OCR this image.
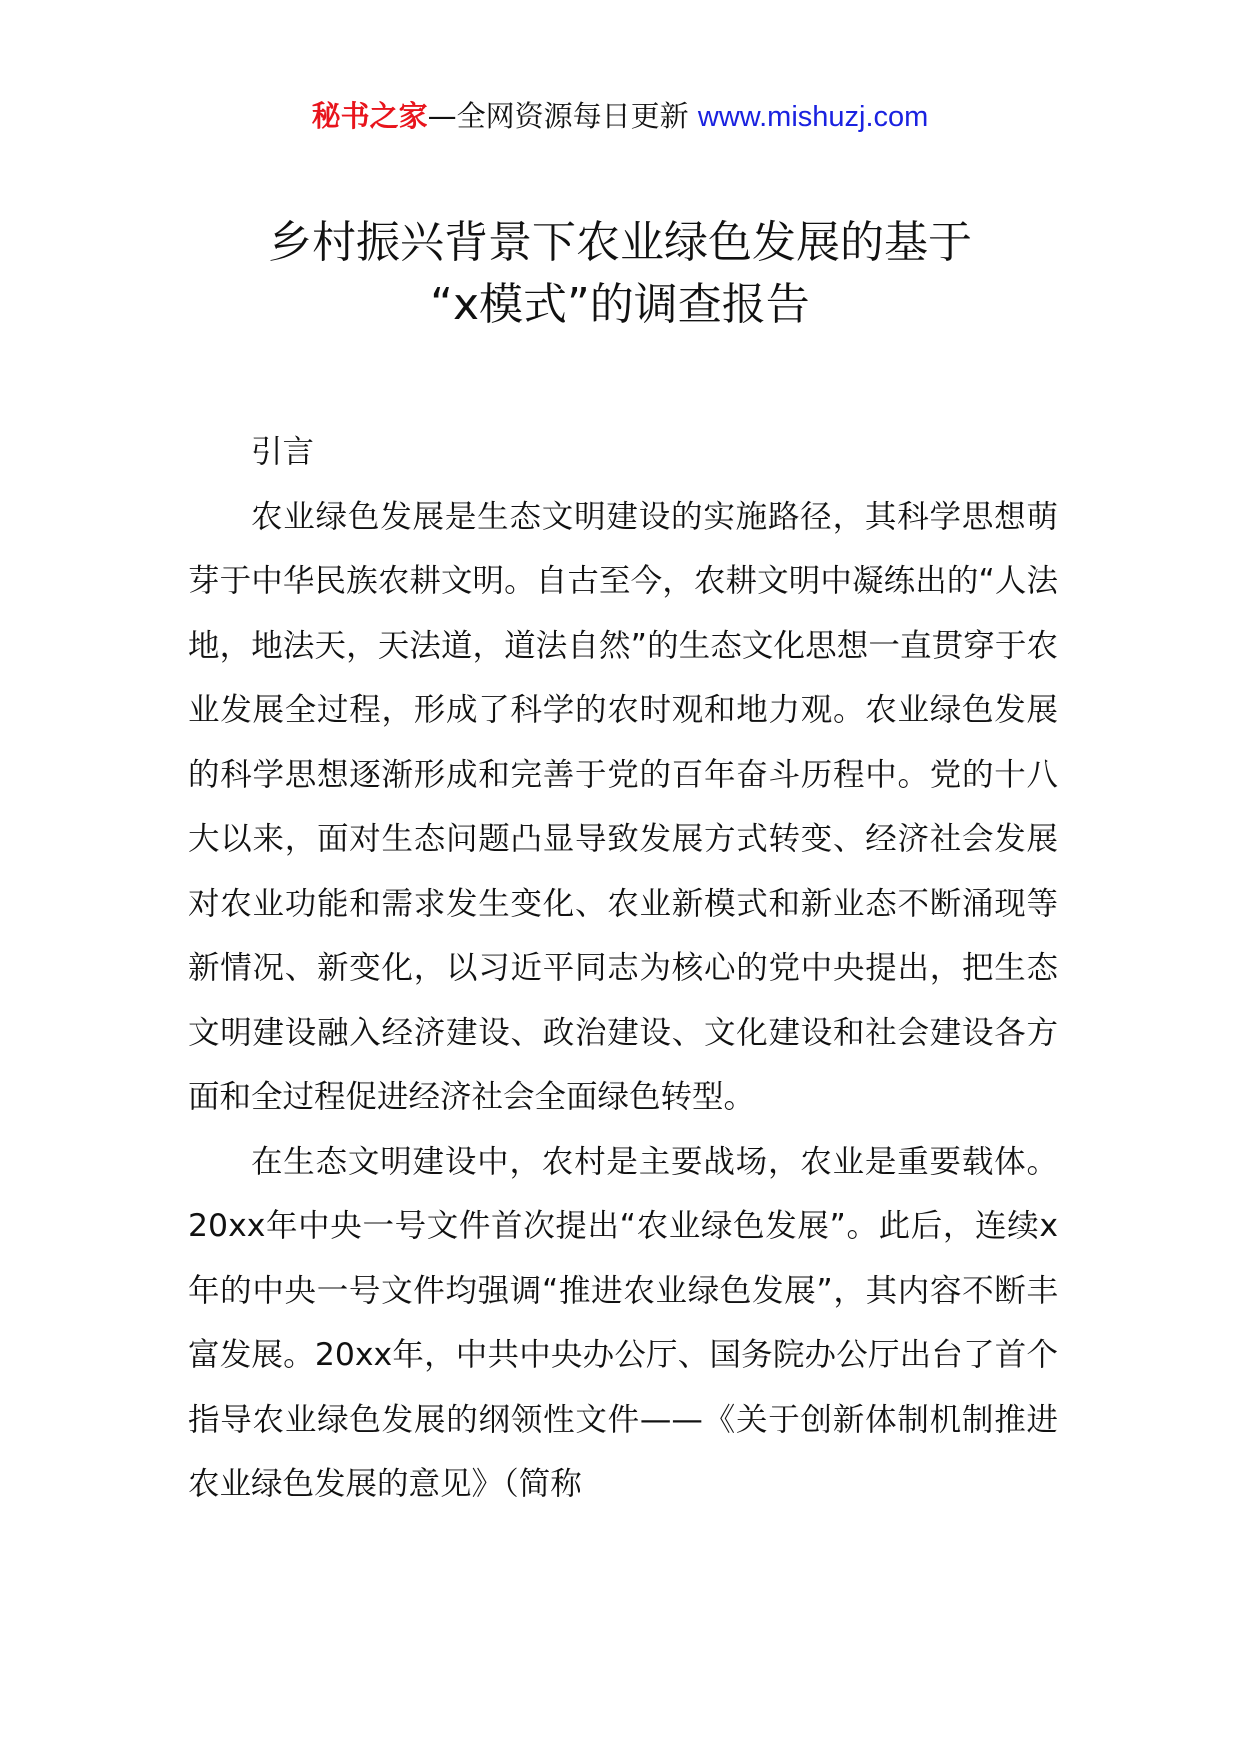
秘书之家—全网资源每日更新 www.mishuzj.com
乡村振兴背景下农业绿色发展的基于
“x模式”的调查报告

引言

农业绿色发展是生态文明建设的实施路径，其科学思想萌芽于中华民族农耕文明。自古至今，农耕文明中凝练出的“人法地，地法天，天法道，道法自然”的生态文化思想一直贯穿于农业发展全过程，形成了科学的农时观和地力观。农业绿色发展的科学思想逐渐形成和完善于党的百年奋斗历程中。党的十八大以来，面对生态问题凸显导致发展方式转变、经济社会发展对农业功能和需求发生变化、农业新模式和新业态不断涌现等新情况、新变化，以习近平同志为核心的党中央提出，把生态文明建设融入经济建设、政治建设、文化建设和社会建设各方面和全过程促进经济社会全面绿色转型。

在生态文明建设中，农村是主要战场，农业是重要载体。20xx年中央一号文件首次提出“农业绿色发展”。此后，连续x年的中央一号文件均强调“推进农业绿色发展”，其内容不断丰富发展。20xx年，中共中央办公厅、国务院办公厅出台了首个指导农业绿色发展的纲领性文件——《关于创新体制机制推进农业绿色发展的意见》（简称
